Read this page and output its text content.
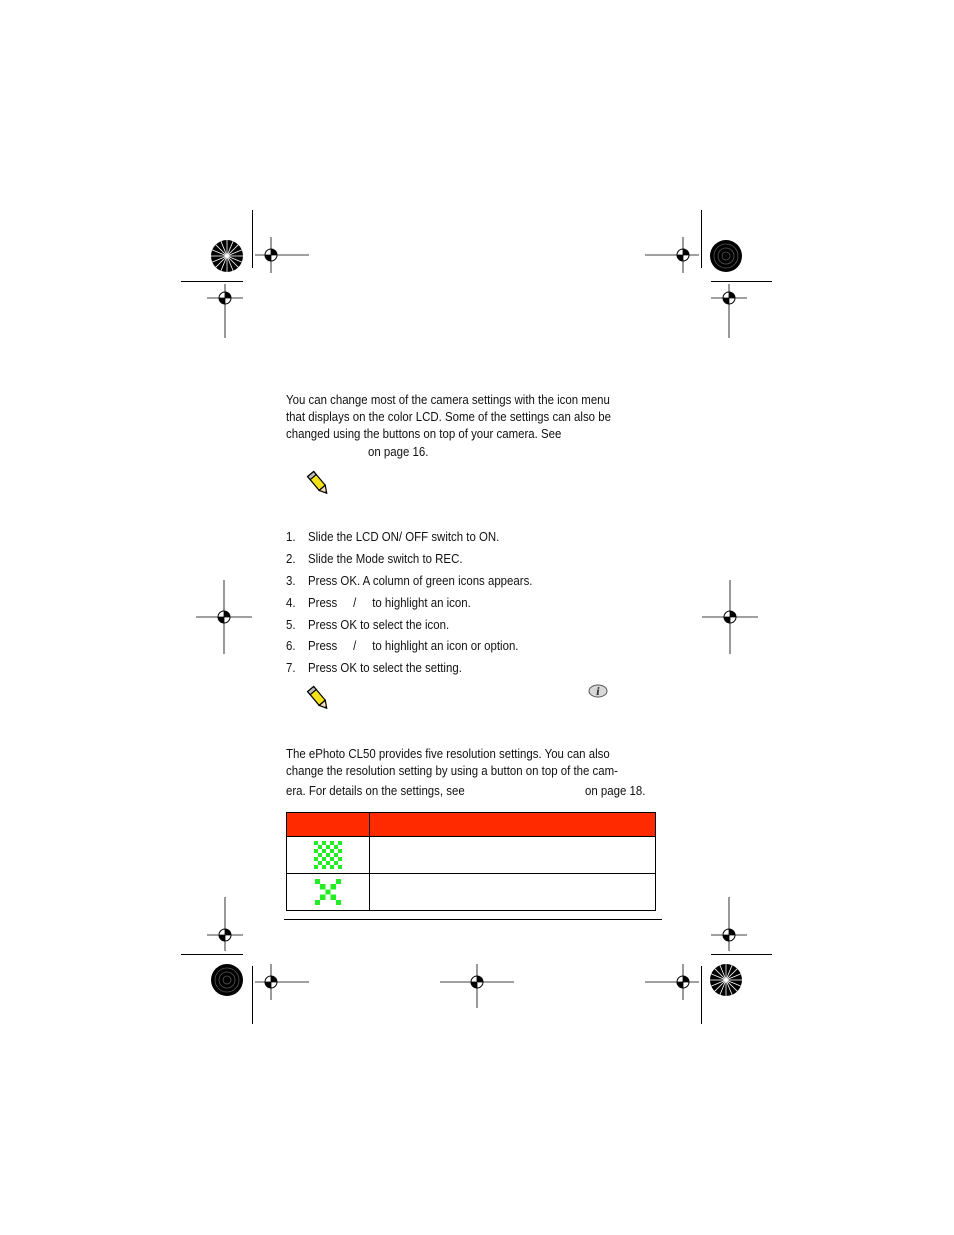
You can change most of the camera settings with the icon menu
that displays on the color LCD. Some of the settings can also be
changed using the buttons on top of your camera. See
on page 16.
1. Slide the LCD ON/ OFF switch to ON.
2. Slide the Mode switch to REC.
3. Press OK. A column of green icons appears.
4. Press     /     to highlight an icon.
5. Press OK to select the icon.
6. Press     /     to highlight an icon or option.
7. Press OK to select the setting.
i
The ePhoto CL50 provides five resolution settings. You can also
change the resolution setting by using a button on top of the cam-
era. For details on the settings, see	on page 18.
